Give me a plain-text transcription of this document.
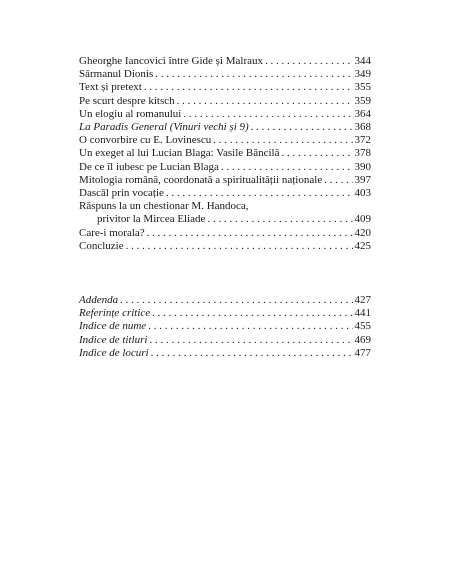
Gheorghe Iancovici între Gide și Malraux . . .	344
Sărmanul Dionis . . .	349
Text și pretext . . .	355
Pe scurt despre kitsch . . .	359
Un elogiu al romanului . . .	364
La Paradis General (Vinuri vechi și 9) . . .	368
O convorbire cu E. Lovinescu . . .	372
Un exeget al lui Lucian Blaga: Vasile Băncilă . . .	378
De ce îl iubesc pe Lucian Blaga . . .	390
Mitologia română, coordonată a spiritualității naționale . . .	397
Dascăl prin vocație . . .	403
Răspuns la un chestionar M. Handoca,
privitor la Mircea Eliade . . .	409
Care-i morala? . . .	420
Concluzie . . .	425
Addenda . . .	427
Referințe critice . . .	441
Indice de nume . . .	455
Indice de titluri . . .	469
Indice de locuri . . .	477
